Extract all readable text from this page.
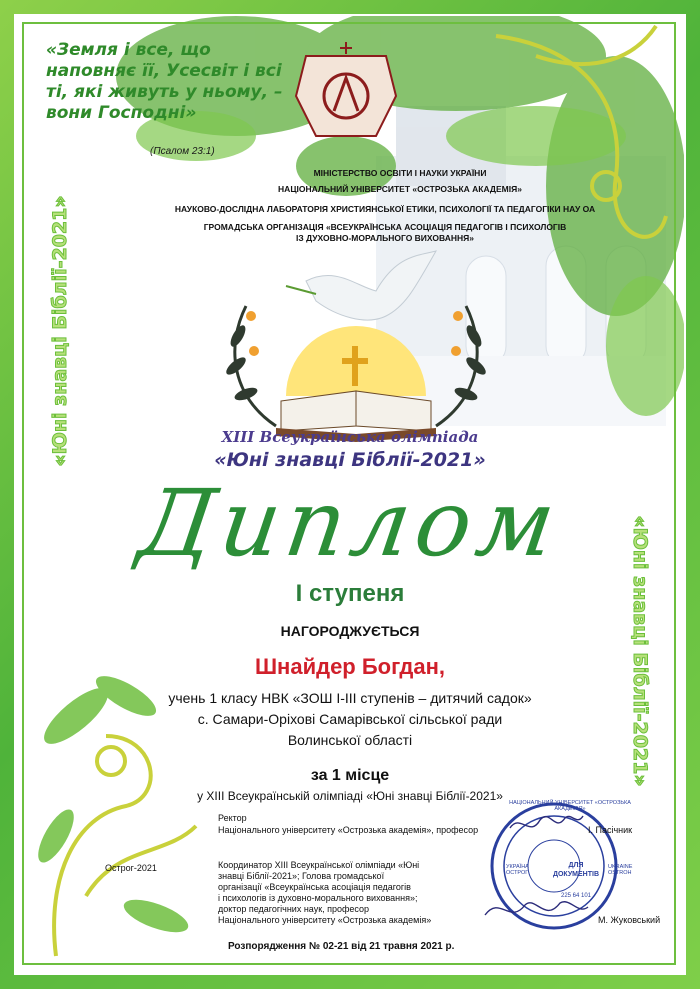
«Земля і все, що наповняє її, Усесвіт і всі ті, які живуть у ньому, – вони Господні»
(Псалом 23:1)
МІНІСТЕРСТВО ОСВІТИ І НАУКИ УКРАЇНИ
НАЦІОНАЛЬНИЙ УНІВЕРСИТЕТ «ОСТРОЗЬКА АКАДЕМІЯ»
НАУКОВО-ДОСЛІДНА ЛАБОРАТОРІЯ ХРИСТИЯНСЬКОЇ ЕТИКИ, ПСИХОЛОГІЇ ТА ПЕДАГОГІКИ НАУ ОА
ГРОМАДСЬКА ОРГАНІЗАЦІЯ «ВСЕУКРАЇНСЬКА АСОЦІАЦІЯ ПЕДАГОГІВ І ПСИХОЛОГІВ
ІЗ ДУХОВНО-МОРАЛЬНОГО ВИХОВАННЯ»
«Юні знавці Біблії-2021»
«Юні знавці Біблії-2021»
XIII Всеукраїнська олімпіада
«Юні знавці Біблії-2021»
Диплом
І ступеня
НАГОРОДЖУЄТЬСЯ
Шнайдер Богдан,
учень 1 класу НВК «ЗОШ І-ІІІ ступенів – дитячий садок»
с. Самари-Оріхові Самарівської сільської ради
Волинської області
за 1 місце
у XIII Всеукраїнській олімпіаді «Юні знавці Біблії-2021»
Ректор
Національного університету «Острозька академія», професор	І. Пасічник
Острог-2021	Координатор XIII Всеукраїнської олімпіади «Юні
знавці Біблії-2021»; Голова громадської
організації «Всеукраїнська асоціація педагогів
і психологів із духовно-морального виховання»;
доктор педагогічних наук, професор
Національного університету «Острозька академія»	М. Жуковський
Розпорядження № 02-21 від 21 травня 2021 р.
ДЛЯ
ДОКУМЕНТІВ
УКРАЇНА ОСТРОГ
UKRAINE OSTROH
225 64 101
НАЦІОНАЛЬНИЙ УНІВЕРСИТЕТ «ОСТРОЗЬКА АКАДЕМІЯ»
